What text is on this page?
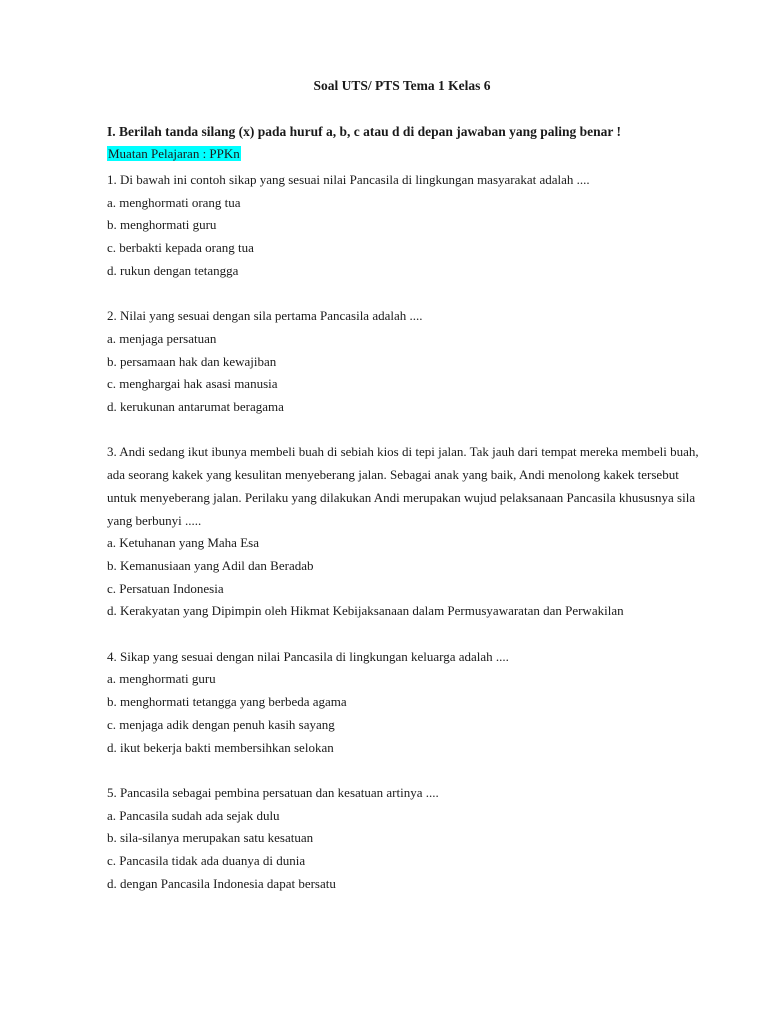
Soal UTS/ PTS Tema 1 Kelas 6
I. Berilah tanda silang (x) pada huruf a, b, c atau d di depan jawaban yang paling benar !
Muatan Pelajaran : PPKn

1. Di bawah ini contoh sikap yang sesuai nilai Pancasila di lingkungan masyarakat adalah ....

a. menghormati orang tua

b. menghormati guru

c. berbakti kepada orang tua

d. rukun dengan tetangga

2. Nilai yang sesuai dengan sila pertama Pancasila adalah ....

a. menjaga persatuan

b. persamaan hak dan kewajiban

c. menghargai hak asasi manusia

d. kerukunan antarumat beragama

3. Andi sedang ikut ibunya membeli buah di sebiah kios di tepi jalan. Tak jauh dari tempat mereka membeli buah, ada seorang kakek yang kesulitan menyeberang jalan. Sebagai anak yang baik, Andi menolong kakek tersebut untuk menyeberang jalan. Perilaku yang dilakukan Andi merupakan wujud pelaksanaan Pancasila khususnya sila yang berbunyi .....

a. Ketuhanan yang Maha Esa

b. Kemanusiaan yang Adil dan Beradab

c. Persatuan Indonesia

d. Kerakyatan yang Dipimpin oleh Hikmat Kebijaksanaan dalam Permusyawaratan dan Perwakilan

4. Sikap yang sesuai dengan nilai Pancasila di lingkungan keluarga adalah ....

a. menghormati guru

b. menghormati tetangga yang berbeda agama

c. menjaga adik dengan penuh kasih sayang

d. ikut bekerja bakti membersihkan selokan

5. Pancasila sebagai pembina persatuan dan kesatuan artinya ....

a. Pancasila sudah ada sejak dulu

b. sila-silanya merupakan satu kesatuan

c. Pancasila tidak ada duanya di dunia

d. dengan Pancasila Indonesia dapat bersatu
